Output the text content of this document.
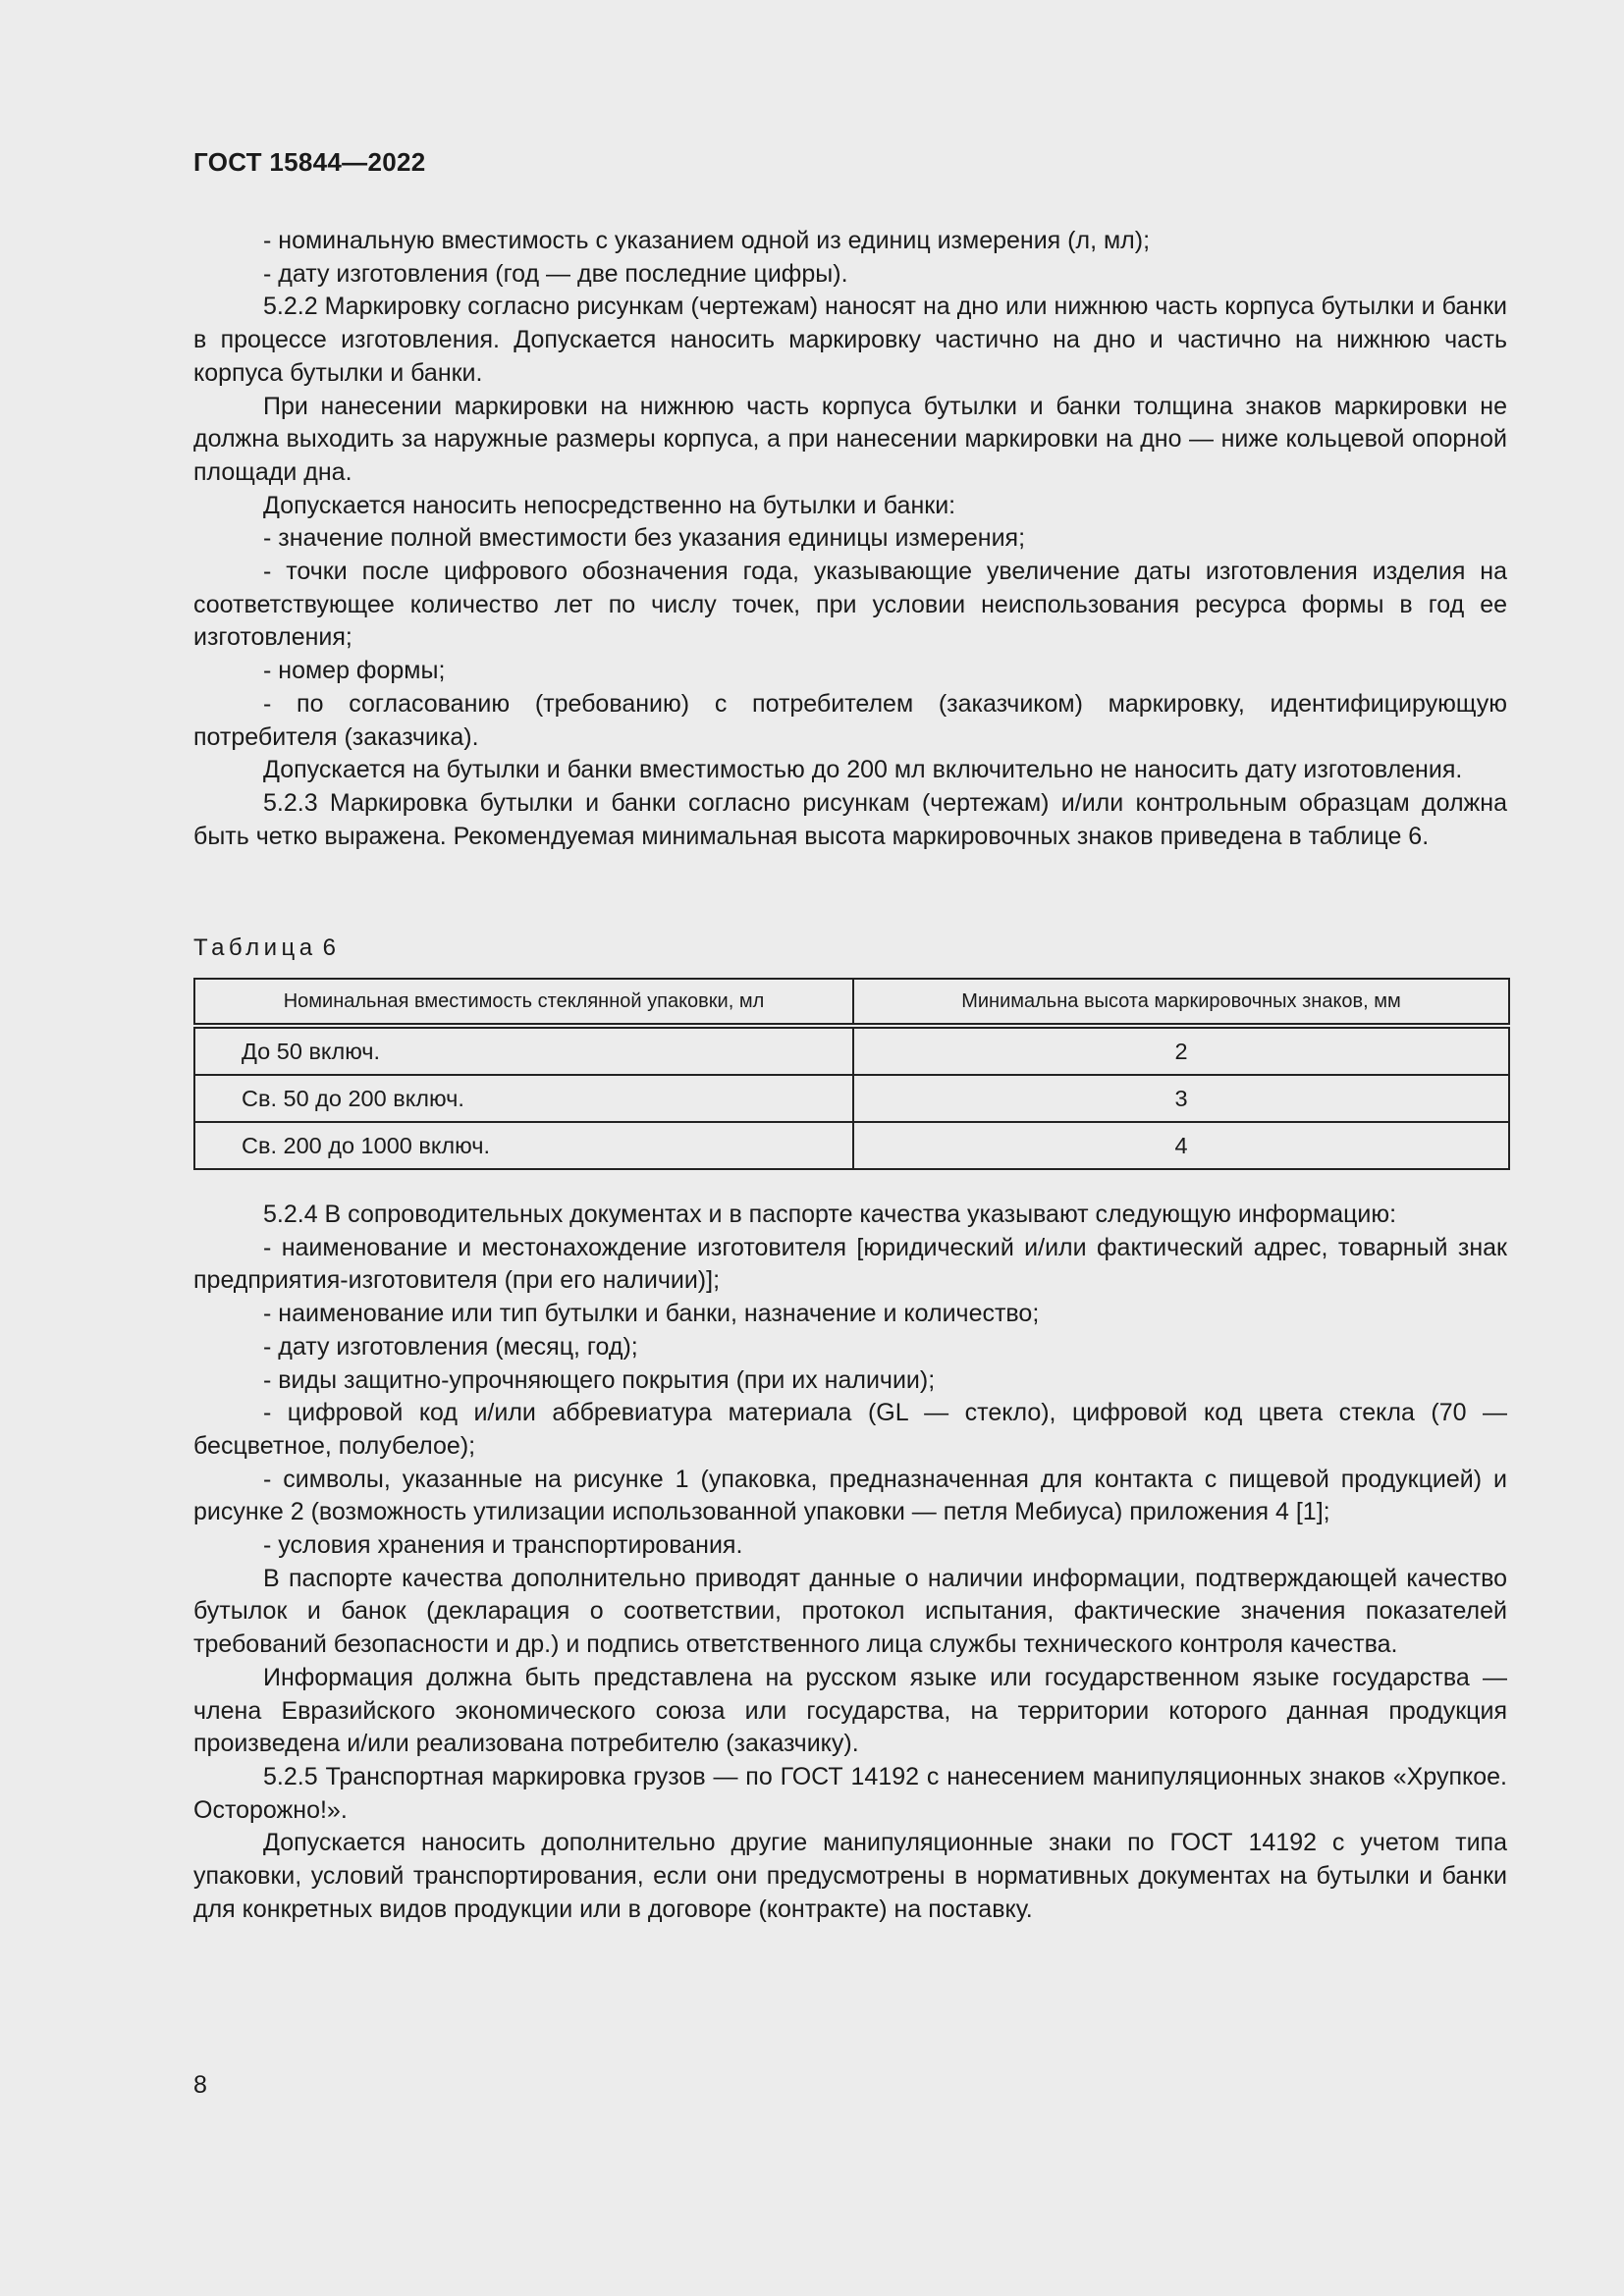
ГОСТ 15844—2022

- номинальную вместимость с указанием одной из единиц измерения (л, мл);

- дату изготовления (год — две последние цифры).

5.2.2 Маркировку согласно рисункам (чертежам) наносят на дно или нижнюю часть корпуса бутылки и банки в процессе изготовления. Допускается наносить маркировку частично на дно и частично на нижнюю часть корпуса бутылки и банки.

При нанесении маркировки на нижнюю часть корпуса бутылки и банки толщина знаков маркировки не должна выходить за наружные размеры корпуса, а при нанесении маркировки на дно — ниже кольцевой опорной площади дна.

Допускается наносить непосредственно на бутылки и банки:

- значение полной вместимости без указания единицы измерения;

- точки после цифрового обозначения года, указывающие увеличение даты изготовления изделия на соответствующее количество лет по числу точек, при условии неиспользования ресурса формы в год ее изготовления;

- номер формы;

- по согласованию (требованию) с потребителем (заказчиком) маркировку, идентифицирующую потребителя (заказчика).

Допускается на бутылки и банки вместимостью до 200 мл включительно не наносить дату изготовления.

5.2.3 Маркировка бутылки и банки согласно рисункам (чертежам) и/или контрольным образцам должна быть четко выражена. Рекомендуемая минимальная высота маркировочных знаков приведена в таблице 6.

Таблица 6
Номинальная вместимость стеклянной упаковки, мл	Минимальна высота маркировочных знаков, мм
До 50 включ.	2
Св. 50 до 200 включ.	3
Св. 200 до 1000 включ.	4

5.2.4 В сопроводительных документах и в паспорте качества указывают следующую информацию:

- наименование и местонахождение изготовителя [юридический и/или фактический адрес, товарный знак предприятия-изготовителя (при его наличии)];

- наименование или тип бутылки и банки, назначение и количество;

- дату изготовления (месяц, год);

- виды защитно-упрочняющего покрытия (при их наличии);

- цифровой код и/или аббревиатура материала (GL — стекло), цифровой код цвета стекла (70 — бесцветное, полубелое);

- символы, указанные на рисунке 1 (упаковка, предназначенная для контакта с пищевой продукцией) и рисунке 2 (возможность утилизации использованной упаковки — петля Мебиуса) приложения 4 [1];

- условия хранения и транспортирования.

В паспорте качества дополнительно приводят данные о наличии информации, подтверждающей качество бутылок и банок (декларация о соответствии, протокол испытания, фактические значения показателей требований безопасности и др.) и подпись ответственного лица службы технического контроля качества.

Информация должна быть представлена на русском языке или государственном языке государства — члена Евразийского экономического союза или государства, на территории которого данная продукция произведена и/или реализована потребителю (заказчику).

5.2.5 Транспортная маркировка грузов — по ГОСТ 14192 с нанесением манипуляционных знаков «Хрупкое. Осторожно!».

Допускается наносить дополнительно другие манипуляционные знаки по ГОСТ 14192 с учетом типа упаковки, условий транспортирования, если они предусмотрены в нормативных документах на бутылки и банки для конкретных видов продукции или в договоре (контракте) на поставку.

8
